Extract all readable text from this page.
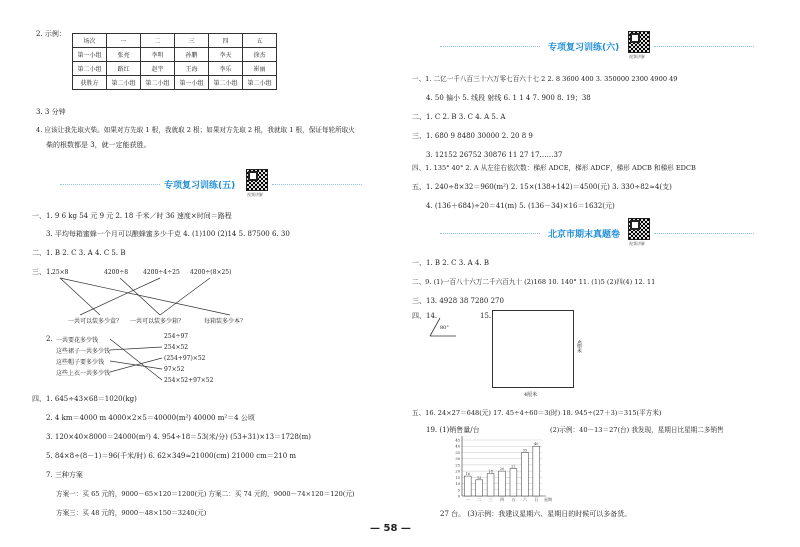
2. 示例：
场次	一	二	三	四	五
第一小组	张亮	李明	孙鹏	李天	徐杰
第二小组	路红	赵宇	王海	李乐	崔丽
获胜方	第二小组	第二小组	第一小组	第二小组	第二小组
3. 3 分钟
4. 应该让我先取火柴。如果对方先取 1 根，我就取 2 根；如果对方先取 2 根，我就取 1 根，保证每轮所取火
柴的根数都是 3，就一定能获胜。
专项复习训练(五)
视频讲解
一、1. 9 6 kg 54 元 9 元 2. 18 千米／时 36 速度×时间＝路程
3. 平均每箱蜜蜂一个月可以酿蜂蜜多少千克 4. (1)100 (2)14 5. 87500 6. 30
二、1. B 2. C 3. A 4. C 5. B
三、1. 25×8	4200÷8 4200÷4÷25 4200÷(8×25)
一共可以装多少盒？ 一共可以装多少箱？	每箱装多少本？
2. 一共要花多少钱
这些裙子一共多少钱
这些帽子要多少钱
这些上衣一共多少钱
254÷97
254×52
(254+97)×52
97×52
254×52+97×52
四、1. 645÷43×68＝1020(kg)
2. 4 km＝4000 m 4000×2×5＝40000(m²) 40000 m²＝4 公顷
3. 120×40×8000＝24000(m²) 4. 954÷18＝53(米/分) (53+31)×13＝1728(m)
5. 84×8÷(8－1)＝96(千米/时) 6. 62×349≈21000(cm) 21000 cm＝210 m
7. 三种方案
方案一：买 65 元的，9000－65×120＝1200(元) 方案二：买 74 元的，9000－74×120＝120(元)
方案三：买 48 元的，9000－48×150＝3240(元)
专项复习训练(六)
视频讲解
一、1. 二亿一千八百三十六万零七百六十七 2 2. 8 3600 400 3. 350000 2300 4900 49
4. 50 偏小 5. 线段 射线 6. 1 1 4 7. 900 8. 19；38
二、1. C 2. B 3. C 4. A 5. A
三、1. 680 9 8480 30000 2. 20 8 9
3. 12152 26752 30876 11 27 17……37
四、1. 135° 40° 2. A 从左往右依次数：梯形 ADCE，梯形 ADCF，梯形 ADCB 和梯形 EDCB
五、1. 240÷8×32＝960(m²) 2. 15×(138+142)＝4500(元) 3. 330÷82≈4(支)
4. (136＋684)÷20＝41(m) 5. (136－34)×16＝1632(元)
北京市期末真题卷
视频讲解
一、1. B 2. C 3. A 4. B
二、9. (1)一百八十六万二千六百九十 (2)168 10. 140° 11. (1)5 (2)四(4) 12. 11
三、13. 4928 38 7280 270
四、14.
80°
15.
4厘米
4厘米
五、16. 24×27＝648(元) 17. 45÷4÷60＝3(时) 18. 945÷(27＋3)＝315(平方米)
19. (1)销售量/台	(2)示例：40－13＝27(台) 我发现，星期日比星期二多销售
45
40
35
30
25
20
15
10
5
0
16
一
13
二
18
三
20
四
22
五
35
六
40
日 星期
27 台。 (3)示例：我建议星期六、星期日的时候可以多备货。
— 58 —
